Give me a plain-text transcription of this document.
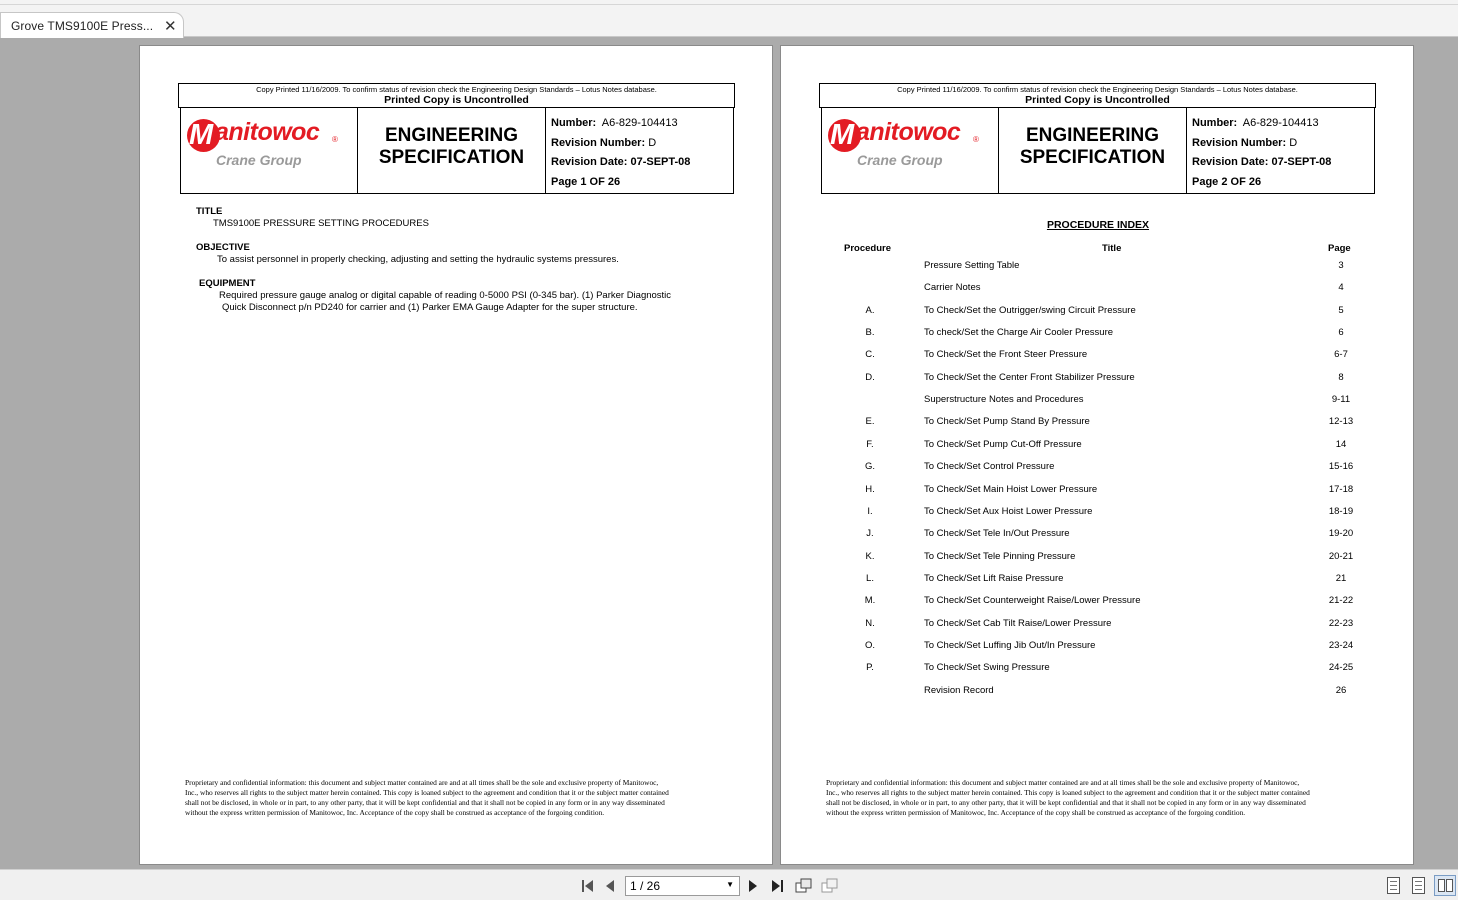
Grove TMS9100E Press... ✕
Copy Printed 11/16/2009. To confirm status of revision check the Engineering Design Standards – Lotus Notes database.
Printed Copy is Uncontrolled
M anitowoc ®
Crane Group
ENGINEERING
SPECIFICATION
Number: A6-829-104413
Revision Number: D
Revision Date: 07-SEPT-08
Page 1 OF 26
TITLE
TMS9100E PRESSURE SETTING PROCEDURES
OBJECTIVE
To assist personnel in properly checking, adjusting and setting the hydraulic systems pressures.
EQUIPMENT
Required pressure gauge analog or digital capable of reading 0-5000 PSI (0-345 bar). (1) Parker Diagnostic
Quick Disconnect p/n PD240 for carrier and (1) Parker EMA Gauge Adapter for the super structure.
Proprietary and confidential information: this document and subject matter contained are and at all times shall be the sole and exclusive property of Manitowoc,
Inc., who reserves all rights to the subject matter herein contained. This copy is loaned subject to the agreement and condition that it or the subject matter contained
shall not be disclosed, in whole or in part, to any other party, that it will be kept confidential and that it shall not be copied in any form or in any way disseminated
without the express written permission of Manitowoc, Inc. Acceptance of the copy shall be construed as acceptance of the forgoing condition.
Copy Printed 11/16/2009. To confirm status of revision check the Engineering Design Standards – Lotus Notes database.
Printed Copy is Uncontrolled
M anitowoc ®
Crane Group
ENGINEERING
SPECIFICATION
Number: A6-829-104413
Revision Number: D
Revision Date: 07-SEPT-08
Page 2 OF 26
PROCEDURE INDEX
Procedure	Title	Page
Pressure Setting Table	3
Carrier Notes	4
A.	To Check/Set the Outrigger/swing Circuit Pressure	5
B.	To check/Set the Charge Air Cooler Pressure	6
C.	To Check/Set the Front Steer Pressure	6-7
D.	To Check/Set the Center Front Stabilizer Pressure	8
Superstructure Notes and Procedures	9-11
E.	To Check/Set Pump Stand By Pressure	12-13
F.	To Check/Set Pump Cut-Off Pressure	14
G.	To Check/Set Control Pressure	15-16
H.	To Check/Set Main Hoist Lower Pressure	17-18
I.	To Check/Set Aux Hoist Lower Pressure	18-19
J.	To Check/Set Tele In/Out Pressure	19-20
K.	To Check/Set Tele Pinning Pressure	20-21
L.	To Check/Set Lift Raise Pressure	21
M.	To Check/Set Counterweight Raise/Lower Pressure	21-22
N.	To Check/Set Cab Tilt Raise/Lower Pressure	22-23
O.	To Check/Set Luffing Jib Out/In Pressure	23-24
P.	To Check/Set Swing Pressure	24-25
Revision Record	26
Proprietary and confidential information: this document and subject matter contained are and at all times shall be the sole and exclusive property of Manitowoc,
Inc., who reserves all rights to the subject matter herein contained. This copy is loaned subject to the agreement and condition that it or the subject matter contained
shall not be disclosed, in whole or in part, to any other party, that it will be kept confidential and that it shall not be copied in any form or in any way disseminated
without the express written permission of Manitowoc, Inc. Acceptance of the copy shall be construed as acceptance of the forgoing condition.
1 / 26	▼
